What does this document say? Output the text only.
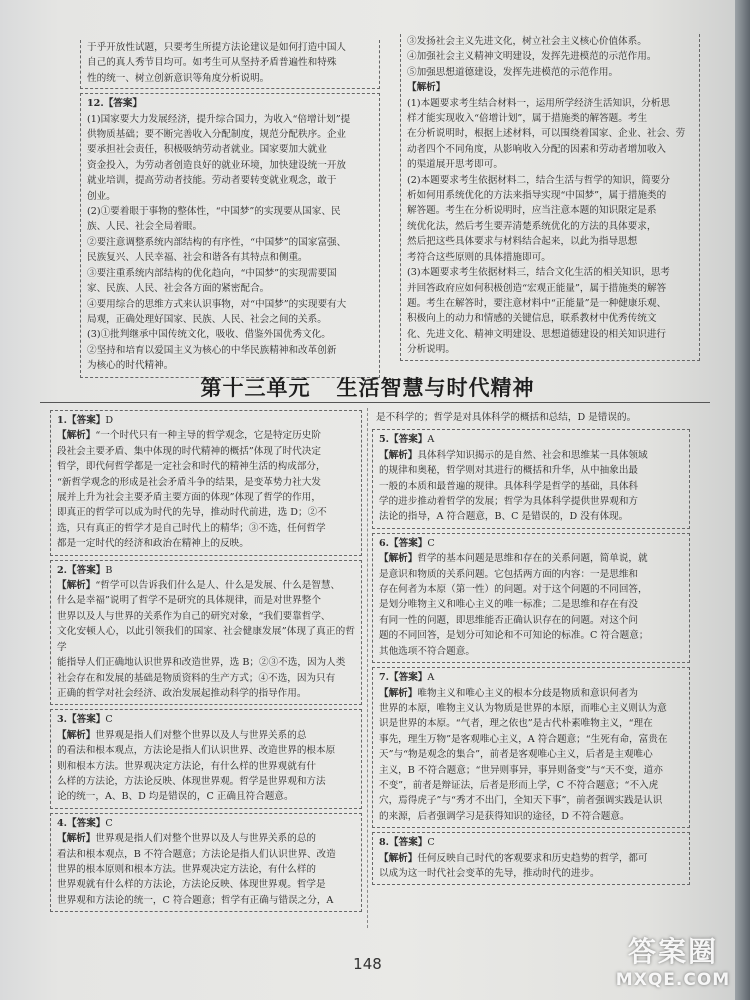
于乎开放性试题，只要考生所提方法论建议是如何打造中国人

自己的真人秀节目均可。如考生可从坚持矛盾普遍性和特殊

性的统一、树立创新意识等角度分析说明。

12.【答案】

(1)国家要大力发展经济，提升综合国力，为收入“倍增计划”提

供物质基础；要不断完善收入分配制度，规范分配秩序。企业

要承担社会责任，积极吸纳劳动者就业。国家要加大就业

资金投入，为劳动者创造良好的就业环境，加快建设统一开放

就业培训，提高劳动者技能。劳动者要转变就业观念，敢于

创业。

(2)①要着眼于事物的整体性，“中国梦”的实现要从国家、民

族、人民、社会全局着眼。

②要注意调整系统内部结构的有序性，“中国梦”的国家富强、

民族复兴、人民幸福、社会和谐各有其特点和侧重。

③要注重系统内部结构的优化趋向，“中国梦”的实现需要国

家、民族、人民、社会各方面的紧密配合。

④要用综合的思维方式来认识事物，对“中国梦”的实现要有大

局观，正确处理好国家、民族、人民、社会之间的关系。

(3)①批判继承中国传统文化，吸收、借鉴外国优秀文化。

②坚持和培育以爱国主义为核心的中华民族精神和改革创新

为核心的时代精神。

③发扬社会主义先进文化，树立社会主义核心价值体系。

④加强社会主义精神文明建设，发挥先进模范的示范作用。

⑤加强思想道德建设，发挥先进模范的示范作用。

【解析】

(1)本题要求考生结合材料一，运用所学经济生活知识，分析思

样才能实现收入“倍增计划”，属于措施类的解答题。考生

在分析说明时，根据上述材料，可以围绕着国家、企业、社会、劳

动者四个不同角度，从影响收入分配的因素和劳动者增加收入

的渠道展开思考即可。

(2)本题要求考生依据材料二，结合生活与哲学的知识，简要分

析如何用系统优化的方法来指导实现“中国梦”，属于措施类的

解答题。考生在分析说明时，应当注意本题的知识限定是系

统优化法，然后考生要弄清楚系统优化的方法的具体要求，

然后把这些具体要求与材料结合起来，以此为指导思想

考符合这些原则的具体措施即可。

(3)本题要求考生依据材料三，结合文化生活的相关知识，思考

并回答政府应如何积极创造“宏观正能量”，属于措施类的解答

题。考生在解答时，要注意材料中“正能量”是一种健康乐观、

积极向上的动力和情感的关键信息，联系教材中优秀传统文

化、先进文化、精神文明建设、思想道德建设的相关知识进行

分析说明。

第十三单元 生活智慧与时代精神

1.【答案】D

【解析】“一个时代只有一种主导的哲学观念，它是特定历史阶

段社会主要矛盾、集中体现的时代精神的概括”体现了时代决定

哲学，即代何哲学都是一定社会和时代的精神生活的构成部分，

“新哲学观念的形成是社会矛盾斗争的结果，是变革势力社大发

展并上升为社会主要矛盾主要方面的体现”体现了哲学的作用，

即真正的哲学可以成为时代的先导，推动时代前进，选 D；②不

选，只有真正的哲学才是自己时代上的精华；③不选，任何哲学

都是一定时代的经济和政治在精神上的反映。

2.【答案】B

【解析】“哲学可以告诉我们什么是人、什么是发展、什么是智慧、

什么是幸福”说明了哲学不是研究的具体规律，而是对世界整个

世界以及人与世界的关系作为自己的研究对象，“我们要靠哲学、

文化安顿人心，以此引领我们的国家、社会健康发展”体现了真正的哲学

能指导人们正确地认识世界和改造世界，选 B；②③不选，因为人类

社会存在和发展的基础是物质资料的生产方式；④不选，因为只有

正确的哲学对社会经济、政治发展起推动科学的指导作用。

3.【答案】C

【解析】世界观是指人们对整个世界以及人与世界关系的总

的看法和根本观点，方法论是指人们认识世界、改造世界的根本原

则和根本方法。世界观决定方法论，有什么样的世界观就有什

么样的方法论，方法论反映、体现世界观。哲学是世界观和方法

论的统一，A、B、D 均是错误的，C 正确且符合题意。

4.【答案】C

【解析】世界观是指人们对整个世界以及人与世界关系的总的

看法和根本观点，B 不符合题意；方法论是指人们认识世界、改造

世界的根本原则和根本方法。世界观决定方法论，有什么样的

世界观就有什么样的方法论，方法论反映、体现世界观。哲学是

世界观和方法论的统一，C 符合题意；哲学有正确与错误之分，A

是不科学的；哲学是对具体科学的概括和总结，D 是错误的。

5.【答案】A

【解析】具体科学知识揭示的是自然、社会和思维某一具体领域

的规律和奥秘，哲学则对其进行的概括和升华，从中抽象出最

一般的本质和最普遍的规律。具体科学是哲学的基础，具体科

学的进步推动着哲学的发展；哲学为具体科学提供世界观和方

法论的指导，A 符合题意，B、C 是错误的，D 没有体现。

6.【答案】C

【解析】哲学的基本问题是思维和存在的关系问题，简单说，就

是意识和物质的关系问题。它包括两方面的内容：一是思维和

存在何者为本原（第一性）的问题。对于这个问题的不同回答，

是划分唯物主义和唯心主义的唯一标准；二是思维和存在有没

有同一性的问题，即思维能否正确认识存在的问题。对这个问

题的不同回答，是划分可知论和不可知论的标准。C 符合题意；

其他选项不符合题意。

7.【答案】A

【解析】唯物主义和唯心主义的根本分歧是物质和意识何者为

世界的本原，唯物主义认为物质是世界的本原，而唯心主义则认为意

识是世界的本原。“气者，理之依也”是古代朴素唯物主义，“理在

事先，理生万物”是客观唯心主义，A 符合题意；“生死有命，富贵在

天”与“物是观念的集合”，前者是客观唯心主义，后者是主观唯心

主义，B 不符合题意；“世异则事异，事异则备变”与“天不变，道亦

不变”，前者是辩证法，后者是形而上学，C 不符合题意；“不入虎

穴，焉得虎子”与“秀才不出门，全知天下事”，前者强调实践是认识

的来源，后者强调学习是获得知识的途径，D 不符合题意。

8.【答案】C

【解析】任何反映自己时代的客观要求和历史趋势的哲学，都可

以成为这一时代社会变革的先导，推动时代的进步。

148	答案圈
MXQE.COM
